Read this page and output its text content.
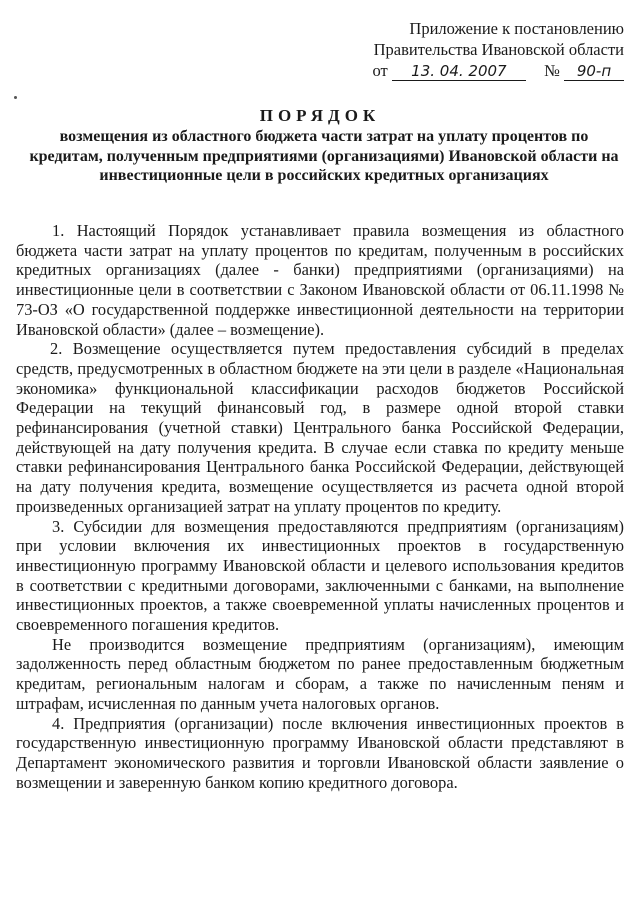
Приложение к постановлению
Правительства Ивановской области
от 13. 04. 2007 № 90-п
ПОРЯДОК
возмещения из областного бюджета части затрат на уплату процентов по кредитам, полученным предприятиями (организациями) Ивановской области на инвестиционные цели в российских кредитных организациях

1. Настоящий Порядок устанавливает правила возмещения из областного бюджета части затрат на уплату процентов по кредитам, полученным в российских кредитных организациях (далее - банки) предприятиями (организациями) на инвестиционные цели в соответствии с Законом Ивановской области от 06.11.1998 № 73-ОЗ «О государственной поддержке инвестиционной деятельности на территории Ивановской области» (далее – возмещение).

2. Возмещение осуществляется путем предоставления субсидий в пределах средств, предусмотренных в областном бюджете на эти цели в разделе «Национальная экономика» функциональной классификации расходов бюджетов Российской Федерации на текущий финансовый год, в размере одной второй ставки рефинансирования (учетной ставки) Центрального банка Российской Федерации, действующей на дату получения кредита. В случае если ставка по кредиту меньше ставки рефинансирования Центрального банка Российской Федерации, действующей на дату получения кредита, возмещение осуществляется из расчета одной второй произведенных организацией затрат на уплату процентов по кредиту.

3. Субсидии для возмещения предоставляются предприятиям (организациям) при условии включения их инвестиционных проектов в государственную инвестиционную программу Ивановской области и целевого использования кредитов в соответствии с кредитными договорами, заключенными с банками, на выполнение инвестиционных проектов, а также своевременной уплаты начисленных процентов и своевременного погашения кредитов.

Не производится возмещение предприятиям (организациям), имеющим задолженность перед областным бюджетом по ранее предоставленным бюджетным кредитам, региональным налогам и сборам, а также по начисленным пеням и штрафам, исчисленная по данным учета налоговых органов.

4. Предприятия (организации) после включения инвестиционных проектов в государственную инвестиционную программу Ивановской области представляют в Департамент экономического развития и торговли Ивановской области заявление о возмещении и заверенную банком копию кредитного договора.
